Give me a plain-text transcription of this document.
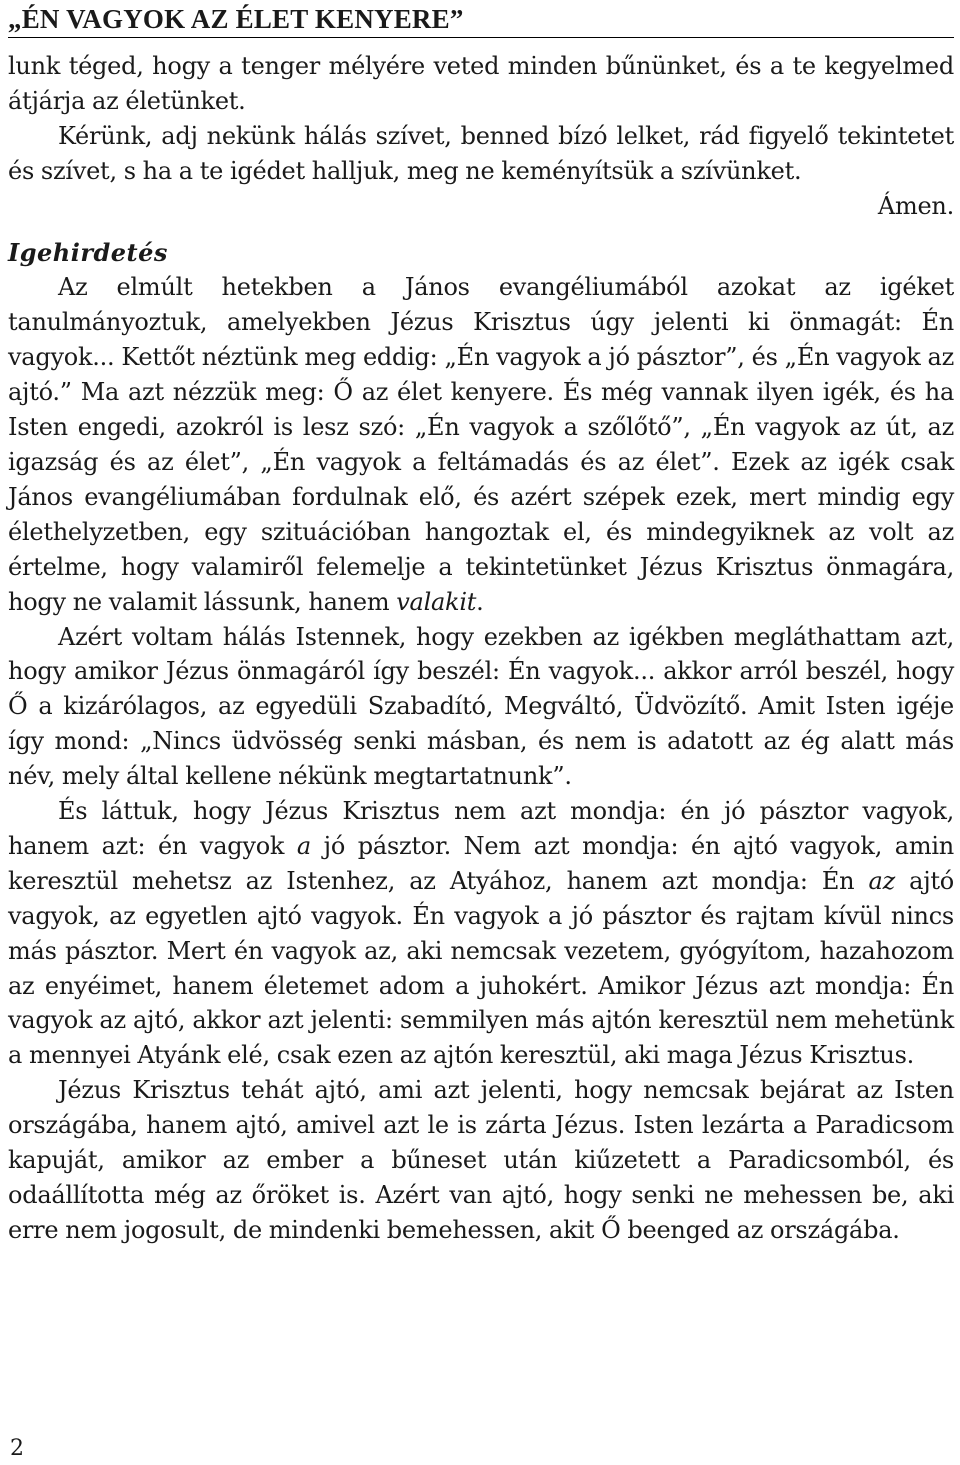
„ÉN VAGYOK AZ ÉLET KENYERE”

lunk téged, hogy a tenger mélyére veted minden bűnünket, és a te kegyelmed átjárja az életünket.

Kérünk, adj nekünk hálás szívet, benned bízó lelket, rád figyelő tekintetet és szívet, s ha a te igédet halljuk, meg ne keményítsük a szívünket.

Ámen.

Igehirdetés

Az elmúlt hetekben a János evangéliumából azokat az igéket tanulmányoztuk, amelyekben Jézus Krisztus úgy jelenti ki önmagát: Én vagyok... Kettőt néztünk meg eddig: „Én vagyok a jó pásztor”, és „Én vagyok az ajtó.” Ma azt nézzük meg: Ő az élet kenyere. És még vannak ilyen igék, és ha Isten engedi, azokról is lesz szó: „Én vagyok a szőlőtő”, „Én vagyok az út, az igazság és az élet”, „Én vagyok a feltámadás és az élet”. Ezek az igék csak János evangéliumában fordulnak elő, és azért szépek ezek, mert mindig egy élethelyzetben, egy szituációban hangoztak el, és mindegyiknek az volt az értelme, hogy valamiről felemelje a tekintetünket Jézus Krisztus önmagára, hogy ne valamit lássunk, hanem valakit.

Azért voltam hálás Istennek, hogy ezekben az igékben megláthattam azt, hogy amikor Jézus önmagáról így beszél: Én vagyok... akkor arról beszél, hogy Ő a kizárólagos, az egyedüli Szabadító, Megváltó, Üdvözítő. Amit Isten igéje így mond: „Nincs üdvösség senki másban, és nem is adatott az ég alatt más név, mely által kellene nékünk megtartatnunk”.

És láttuk, hogy Jézus Krisztus nem azt mondja: én jó pásztor vagyok, hanem azt: én vagyok a jó pásztor. Nem azt mondja: én ajtó vagyok, amin keresztül mehetsz az Istenhez, az Atyához, hanem azt mondja: Én az ajtó vagyok, az egyetlen ajtó vagyok. Én vagyok a jó pásztor és rajtam kívül nincs más pásztor. Mert én vagyok az, aki nemcsak vezetem, gyógyítom, hazahozom az enyéimet, hanem életemet adom a juhokért. Amikor Jézus azt mondja: Én vagyok az ajtó, akkor azt jelenti: semmilyen más ajtón keresztül nem mehetünk a mennyei Atyánk elé, csak ezen az ajtón keresztül, aki maga Jézus Krisztus.

Jézus Krisztus tehát ajtó, ami azt jelenti, hogy nemcsak bejárat az Isten országába, hanem ajtó, amivel azt le is zárta Jézus. Isten lezárta a Paradicsom kapuját, amikor az ember a bűneset után kiűzetett a Paradicsomból, és odaállította még az őröket is. Azért van ajtó, hogy senki ne mehessen be, aki erre nem jogosult, de mindenki bemehessen, akit Ő beenged az országába.

2
